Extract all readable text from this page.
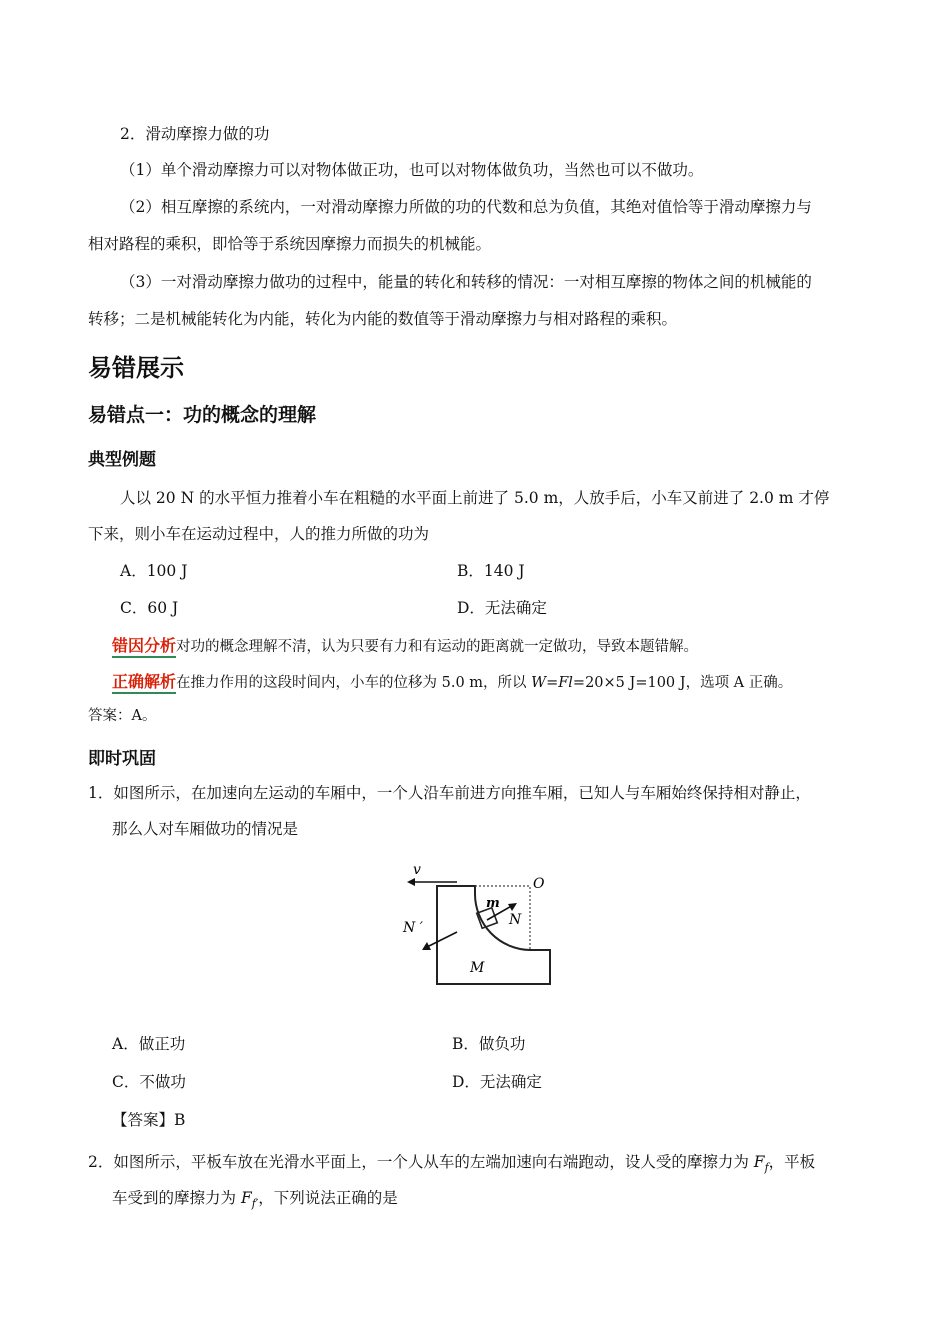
2．滑动摩擦力做的功
（1）单个滑动摩擦力可以对物体做正功，也可以对物体做负功，当然也可以不做功。
（2）相互摩擦的系统内，一对滑动摩擦力所做的功的代数和总为负值，其绝对值恰等于滑动摩擦力与
相对路程的乘积，即恰等于系统因摩擦力而损失的机械能。
（3）一对滑动摩擦力做功的过程中，能量的转化和转移的情况：一对相互摩擦的物体之间的机械能的
转移；二是机械能转化为内能，转化为内能的数值等于滑动摩擦力与相对路程的乘积。
易错展示
易错点一：功的概念的理解
典型例题
人以 20 N 的水平恒力推着小车在粗糙的水平面上前进了 5.0 m，人放手后，小车又前进了 2.0 m 才停
下来，则小车在运动过程中，人的推力所做的功为
A．100 J	B．140 J
C．60 J	D．无法确定
错因分析对功的概念理解不清，认为只要有力和有运动的距离就一定做功，导致本题错解。
正确解析在推力作用的这段时间内，小车的位移为 5.0 m，所以 W=Fl=20×5 J=100 J，选项 A 正确。
答案：A。
即时巩固
1．如图所示，在加速向左运动的车厢中，一个人沿车前进方向推车厢，已知人与车厢始终保持相对静止，
那么人对车厢做功的情况是
v
O
m
N
N ′
M
A．做正功	B．做负功
C．不做功	D．无法确定
【答案】B
2．如图所示，平板车放在光滑水平面上，一个人从车的左端加速向右端跑动，设人受的摩擦力为 $F_f$，平板
车受到的摩擦力为 $F_{f'}$，下列说法正确的是
